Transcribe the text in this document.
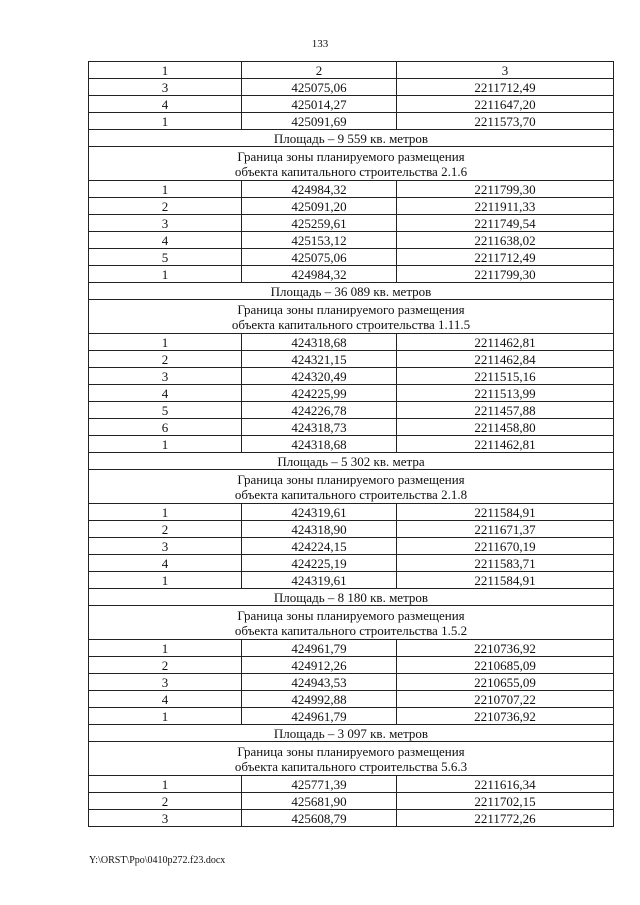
133
1	2	3
3	425075,06	2211712,49
4	425014,27	2211647,20
1	425091,69	2211573,70
Площадь – 9 559 кв. метров		

Граница зоны планируемого размещения
объекта капитального строительства 2.1.6		

1	424984,32	2211799,30
2	425091,20	2211911,33
3	425259,61	2211749,54
4	425153,12	2211638,02
5	425075,06	2211712,49
1	424984,32	2211799,30
Площадь – 36 089 кв. метров		

Граница зоны планируемого размещения
объекта капитального строительства 1.11.5		

1	424318,68	2211462,81
2	424321,15	2211462,84
3	424320,49	2211515,16
4	424225,99	2211513,99
5	424226,78	2211457,88
6	424318,73	2211458,80
1	424318,68	2211462,81
Площадь – 5 302 кв. метра		

Граница зоны планируемого размещения
объекта капитального строительства 2.1.8		

1	424319,61	2211584,91
2	424318,90	2211671,37
3	424224,15	2211670,19
4	424225,19	2211583,71
1	424319,61	2211584,91
Площадь – 8 180 кв. метров		

Граница зоны планируемого размещения
объекта капитального строительства 1.5.2		

1	424961,79	2210736,92
2	424912,26	2210685,09
3	424943,53	2210655,09
4	424992,88	2210707,22
1	424961,79	2210736,92
Площадь – 3 097 кв. метров		

Граница зоны планируемого размещения
объекта капитального строительства 5.6.3		

1	425771,39	2211616,34
2	425681,90	2211702,15
3	425608,79	2211772,26
Y:\ORST\Ppo\0410p272.f23.docx
